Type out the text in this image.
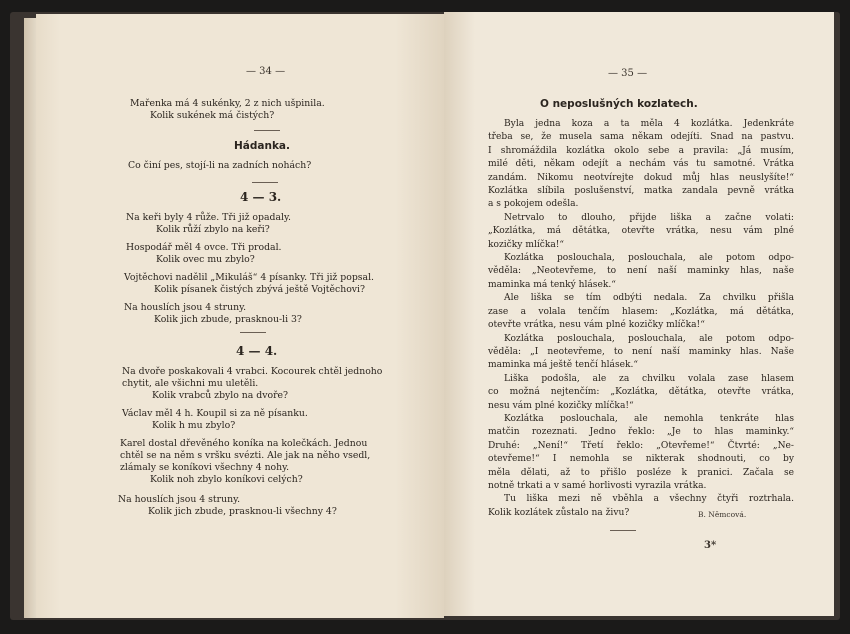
— 34 —
Mařenka má 4 sukénky, 2 z nich ušpinila.
Kolik sukének má čistých?
Hádanka.
Co činí pes, stojí-li na zadních nohách?
4 — 3.
Na keři byly 4 růže. Tři již opadaly.
Kolik růží zbylo na keři?
Hospodář měl 4 ovce. Tři prodal.
Kolik ovec mu zbylo?
Vojtěchovi nadělil „Mikuláš“ 4 písanky. Tři již popsal.
Kolik písanek čistých zbývá ještě Vojtěchovi?
Na houslích jsou 4 struny.
Kolik jich zbude, prasknou-li 3?
4 — 4.
Na dvoře poskakovali 4 vrabci. Kocourek chtěl jednoho
chytit, ale všichni mu uletěli.
Kolik vrabců zbylo na dvoře?
Václav měl 4 h. Koupil si za ně písanku.
Kolik h mu zbylo?
Karel dostal dřevěného koníka na kolečkách. Jednou
chtěl se na něm s vršku svézti. Ale jak na něho vsedl,
zlámaly se koníkovi všechny 4 nohy.
Kolik noh zbylo koníkovi celých?
Na houslích jsou 4 struny.
Kolik jich zbude, prasknou-li všechny 4?
— 35 —
O neposlušných kozlatech.
Byla jedna koza a ta měla 4 kozlátka. Jedenkráte
třeba se, že musela sama někam odejíti. Snad na pastvu.
I shromáždila kozlátka okolo sebe a pravila: „Já musím,
milé děti, někam odejít a nechám vás tu samotné. Vrátka
zandám. Nikomu neotvírejte dokud můj hlas neuslyšíte!“
Kozlátka slíbila poslušenství, matka zandala pevně vrátka
a s pokojem odešla.
Netrvalo to dlouho, přijde liška a začne volati:
„Kozlátka, má dětátka, otevřte vrátka, nesu vám plné
kozičky mlíčka!“
Kozlátka poslouchala, poslouchala, ale potom odpo-
věděla: „Neotevřeme, to není naší maminky hlas, naše
maminka má tenký hlásek.“
Ale liška se tím odbýti nedala. Za chvilku přišla
zase a volala tenčím hlasem: „Kozlátka, má dětátka,
otevřte vrátka, nesu vám plné kozičky mlíčka!“
Kozlátka poslouchala, poslouchala, ale potom odpo-
věděla: „I neotevřeme, to není naší maminky hlas. Naše
maminka má ještě tenčí hlásek.“
Liška podošla, ale za chvilku volala zase hlasem
co možná nejtenčím: „Kozlátka, dětátka, otevřte vrátka,
nesu vám plné kozičky mlíčka!“
Kozlátka poslouchala, ale nemohla tenkráte hlas
matčin rozeznati. Jedno řeklo: „Je to hlas maminky.“
Druhé: „Není!“ Třetí řeklo: „Otevřeme!“ Čtvrté: „Ne-
otevřeme!“ I nemohla se nikterak shodnouti, co by
měla dělati, až to přišlo posléze k pranici. Začala se
notně trkati a v samé horlivosti vyrazila vrátka.
Tu liška mezi ně vběhla a všechny čtyři roztrhala.
Kolik kozlátek zůstalo na živu?	B. Němcová.
3*
